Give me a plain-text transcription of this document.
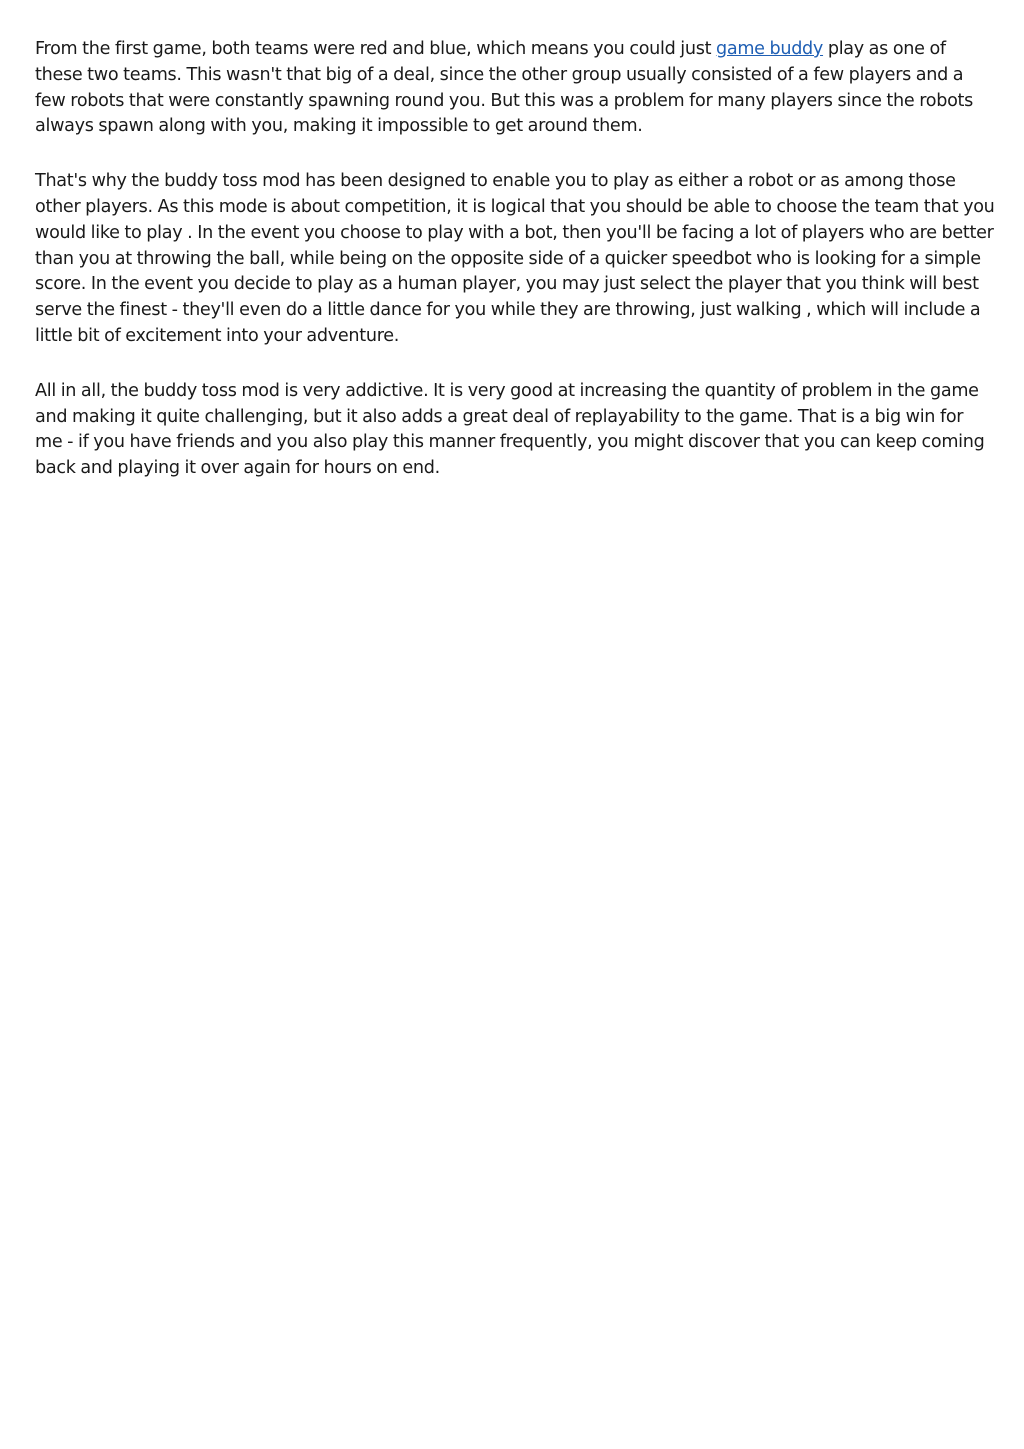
From the first game, both teams were red and blue, which means you could just game buddy play as one of these two teams. This wasn't that big of a deal, since the other group usually consisted of a few players and a few robots that were constantly spawning round you. But this was a problem for many players since the robots always spawn along with you, making it impossible to get around them.

That's why the buddy toss mod has been designed to enable you to play as either a robot or as among those other players. As this mode is about competition, it is logical that you should be able to choose the team that you would like to play . In the event you choose to play with a bot, then you'll be facing a lot of players who are better than you at throwing the ball, while being on the opposite side of a quicker speedbot who is looking for a simple score. In the event you decide to play as a human player, you may just select the player that you think will best serve the finest - they'll even do a little dance for you while they are throwing, just walking , which will include a little bit of excitement into your adventure.

All in all, the buddy toss mod is very addictive. It is very good at increasing the quantity of problem in the game and making it quite challenging, but it also adds a great deal of replayability to the game. That is a big win for me - if you have friends and you also play this manner frequently, you might discover that you can keep coming back and playing it over again for hours on end.
